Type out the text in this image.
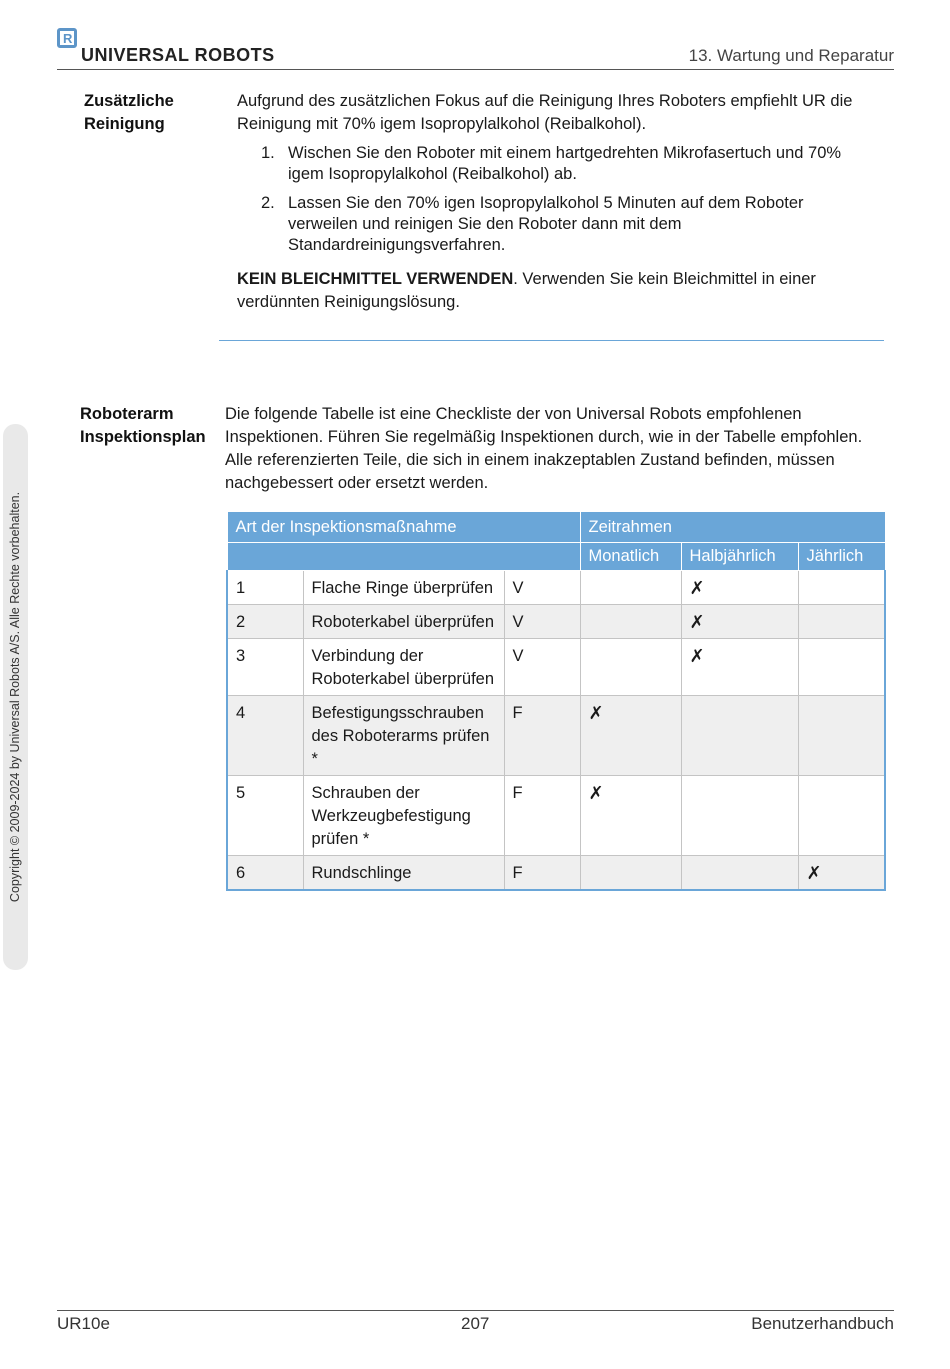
R
UNIVERSAL ROBOTS	13. Wartung und Reparatur
Copyright © 2009-2024 by Universal Robots A/S. Alle Rechte vorbehalten.
Zusätzliche
Reinigung
Aufgrund des zusätzlichen Fokus auf die Reinigung Ihres Roboters empfiehlt UR die Reinigung mit 70% igem Isopropylalkohol (Reibalkohol).
1. Wischen Sie den Roboter mit einem hartgedrehten Mikrofasertuch und 70% igem Isopropylalkohol (Reibalkohol) ab.
2. Lassen Sie den 70% igen Isopropylalkohol 5 Minuten auf dem Roboter verweilen und reinigen Sie den Roboter dann mit dem Standardreinigungsverfahren.
KEIN BLEICHMITTEL VERWENDEN. Verwenden Sie kein Bleichmittel in einer verdünnten Reinigungslösung.
Roboterarm
Inspektionsplan
Die folgende Tabelle ist eine Checkliste der von Universal Robots empfohlenen Inspektionen. Führen Sie regelmäßig Inspektionen durch, wie in der Tabelle empfohlen. Alle referenzierten Teile, die sich in einem inakzeptablen Zustand befinden, müssen nachgebessert oder ersetzt werden.
Art der Inspektionsmaßnahme			Zeitrahmen		
			Monatlich	Halbjährlich	Jährlich
1	Flache Ringe überprüfen	V		✗	
2	Roboterkabel überprüfen	V		✗	
3	Verbindung der Roboterkabel überprüfen	V		✗	
4	Befestigungsschrauben des Roboterarms prüfen *	F	✗		
5	Schrauben der Werkzeugbefestigung prüfen *	F	✗		
6	Rundschlinge	F			✗
UR10e	207	Benutzerhandbuch
